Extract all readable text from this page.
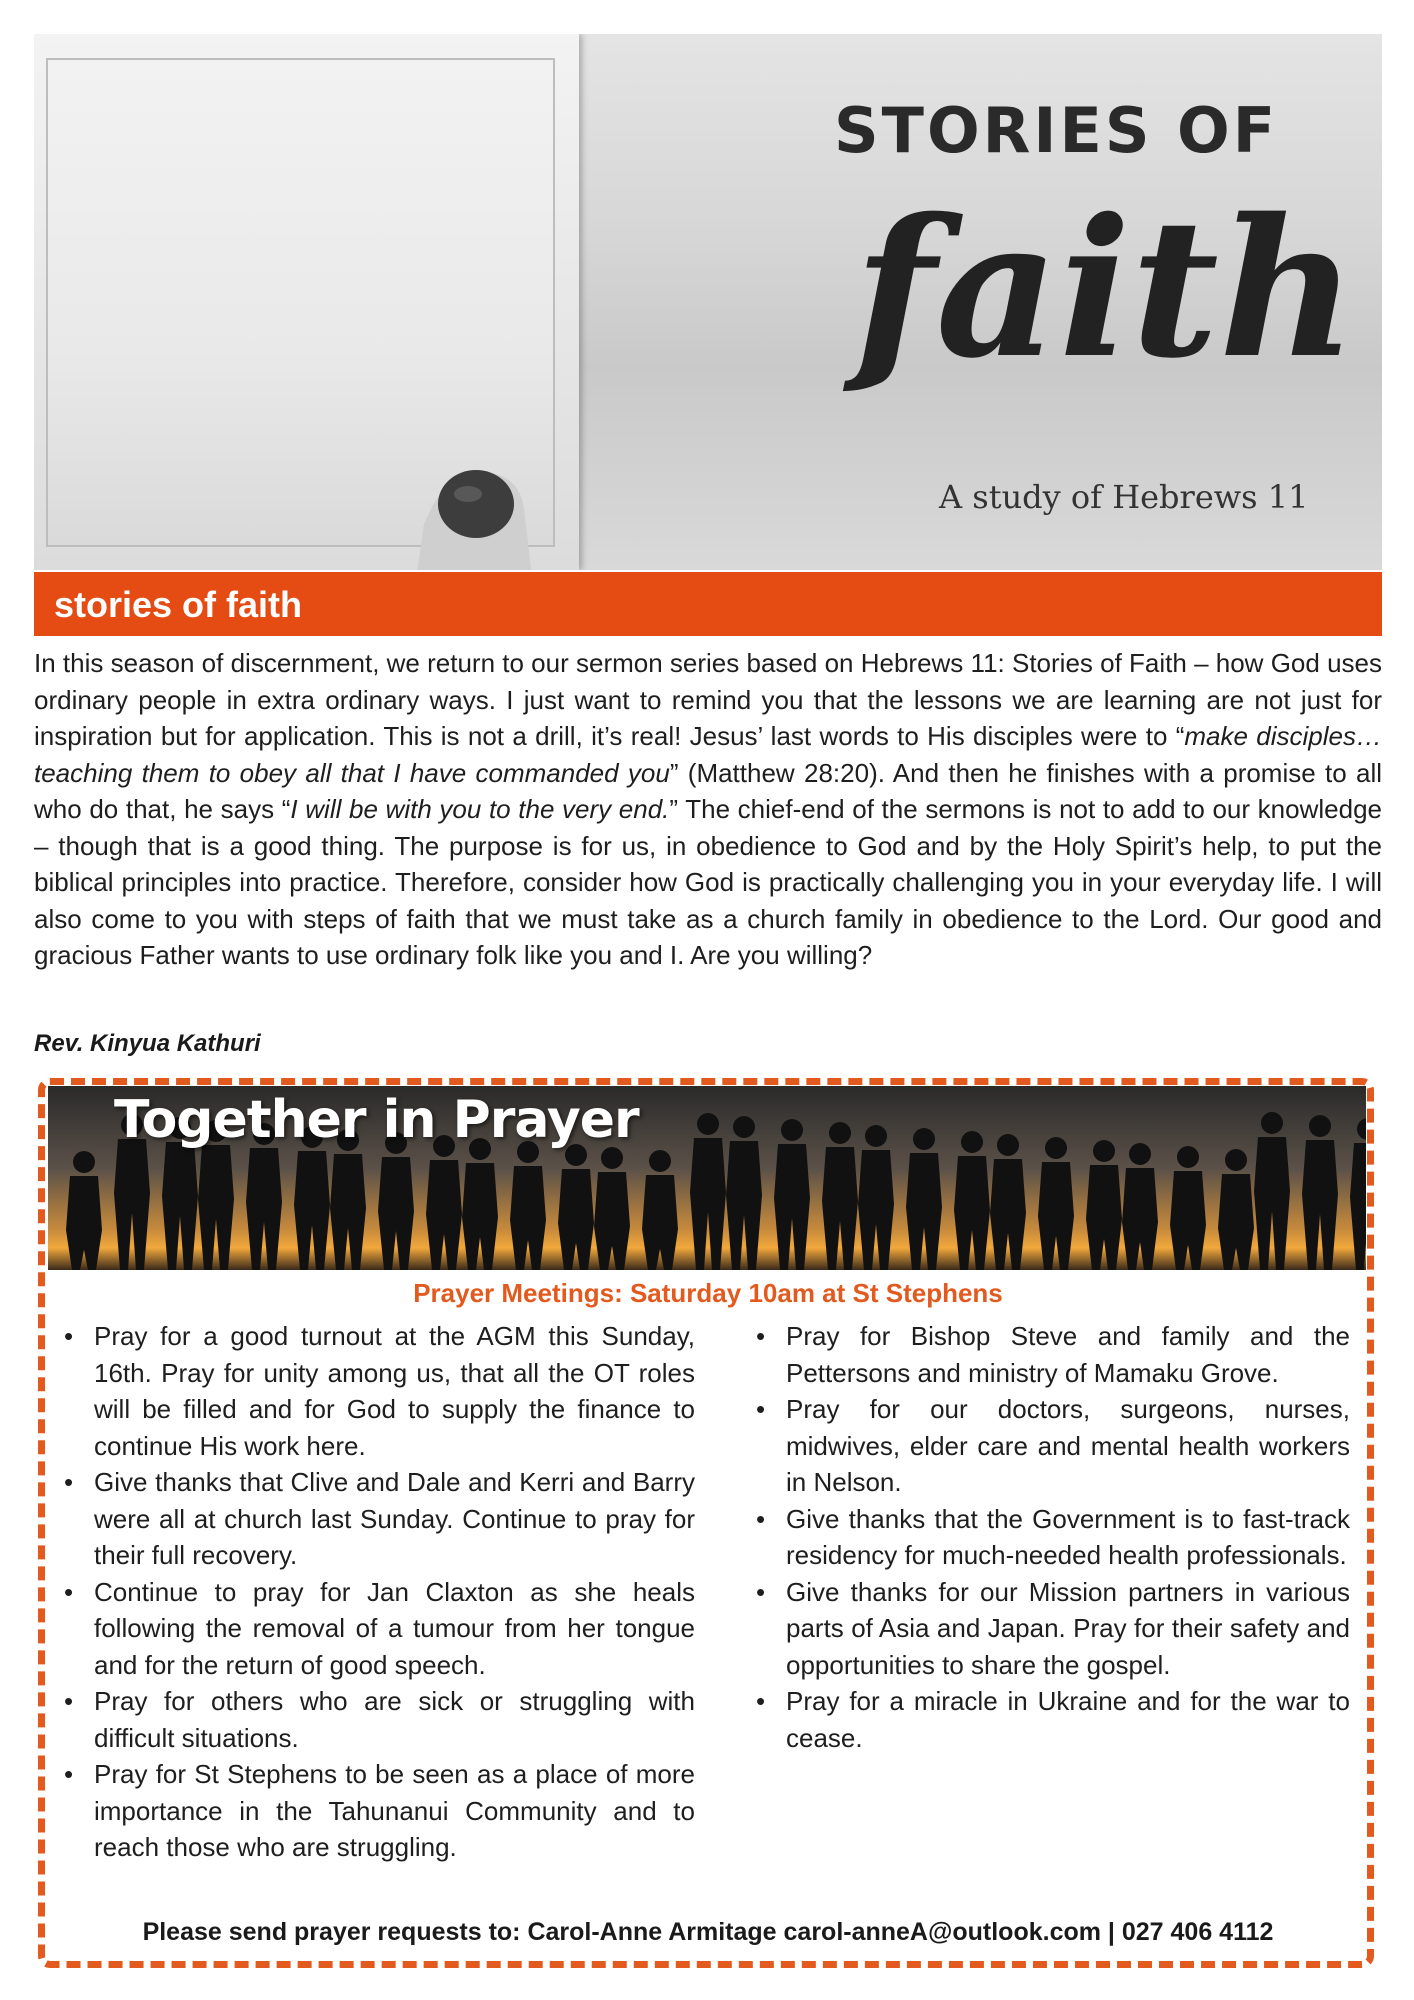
STORIES OF
faith
A study of Hebrews 11
stories of faith

In this season of discernment, we return to our sermon series based on Hebrews 11: Stories of Faith – how God uses ordinary people in extra ordinary ways. I just want to remind you that the lessons we are learning are not just for inspiration but for application. This is not a drill, it’s real! Jesus’ last words to His disciples were to “make disciples… teaching them to obey all that I have commanded you” (Matthew 28:20). And then he finishes with a promise to all who do that, he says “I will be with you to the very end.” The chief-end of the sermons is not to add to our knowledge – though that is a good thing. The purpose is for us, in obedience to God and by the Holy Spirit’s help, to put the biblical principles into practice. Therefore, consider how God is practically challenging you in your everyday life. I will also come to you with steps of faith that we must take as a church family in obedience to the Lord. Our good and gracious Father wants to use ordinary folk like you and I. Are you willing?

Rev. Kinyua Kathuri
Together in Prayer
Prayer Meetings: Saturday 10am at St Stephens
• Pray for a good turnout at the AGM this Sunday, 16th. Pray for unity among us, that all the OT roles will be filled and for God to supply the finance to continue His work here.
• Give thanks that Clive and Dale and Kerri and Barry were all at church last Sunday. Continue to pray for their full recovery.
• Continue to pray for Jan Claxton as she heals following the removal of a tumour from her tongue and for the return of good speech.
• Pray for others who are sick or struggling with difficult situations.
• Pray for St Stephens to be seen as a place of more importance in the Tahunanui Community and to reach those who are struggling.
• Pray for Bishop Steve and family and the Pettersons and ministry of Mamaku Grove.
• Pray for our doctors, surgeons, nurses, midwives, elder care and mental health workers in Nelson.
• Give thanks that the Government is to fast-track residency for much-needed health professionals.
• Give thanks for our Mission partners in various parts of Asia and Japan. Pray for their safety and opportunities to share the gospel.
• Pray for a miracle in Ukraine and for the war to cease.
Please send prayer requests to: Carol-Anne Armitage carol-anneA@outlook.com | 027 406 4112
